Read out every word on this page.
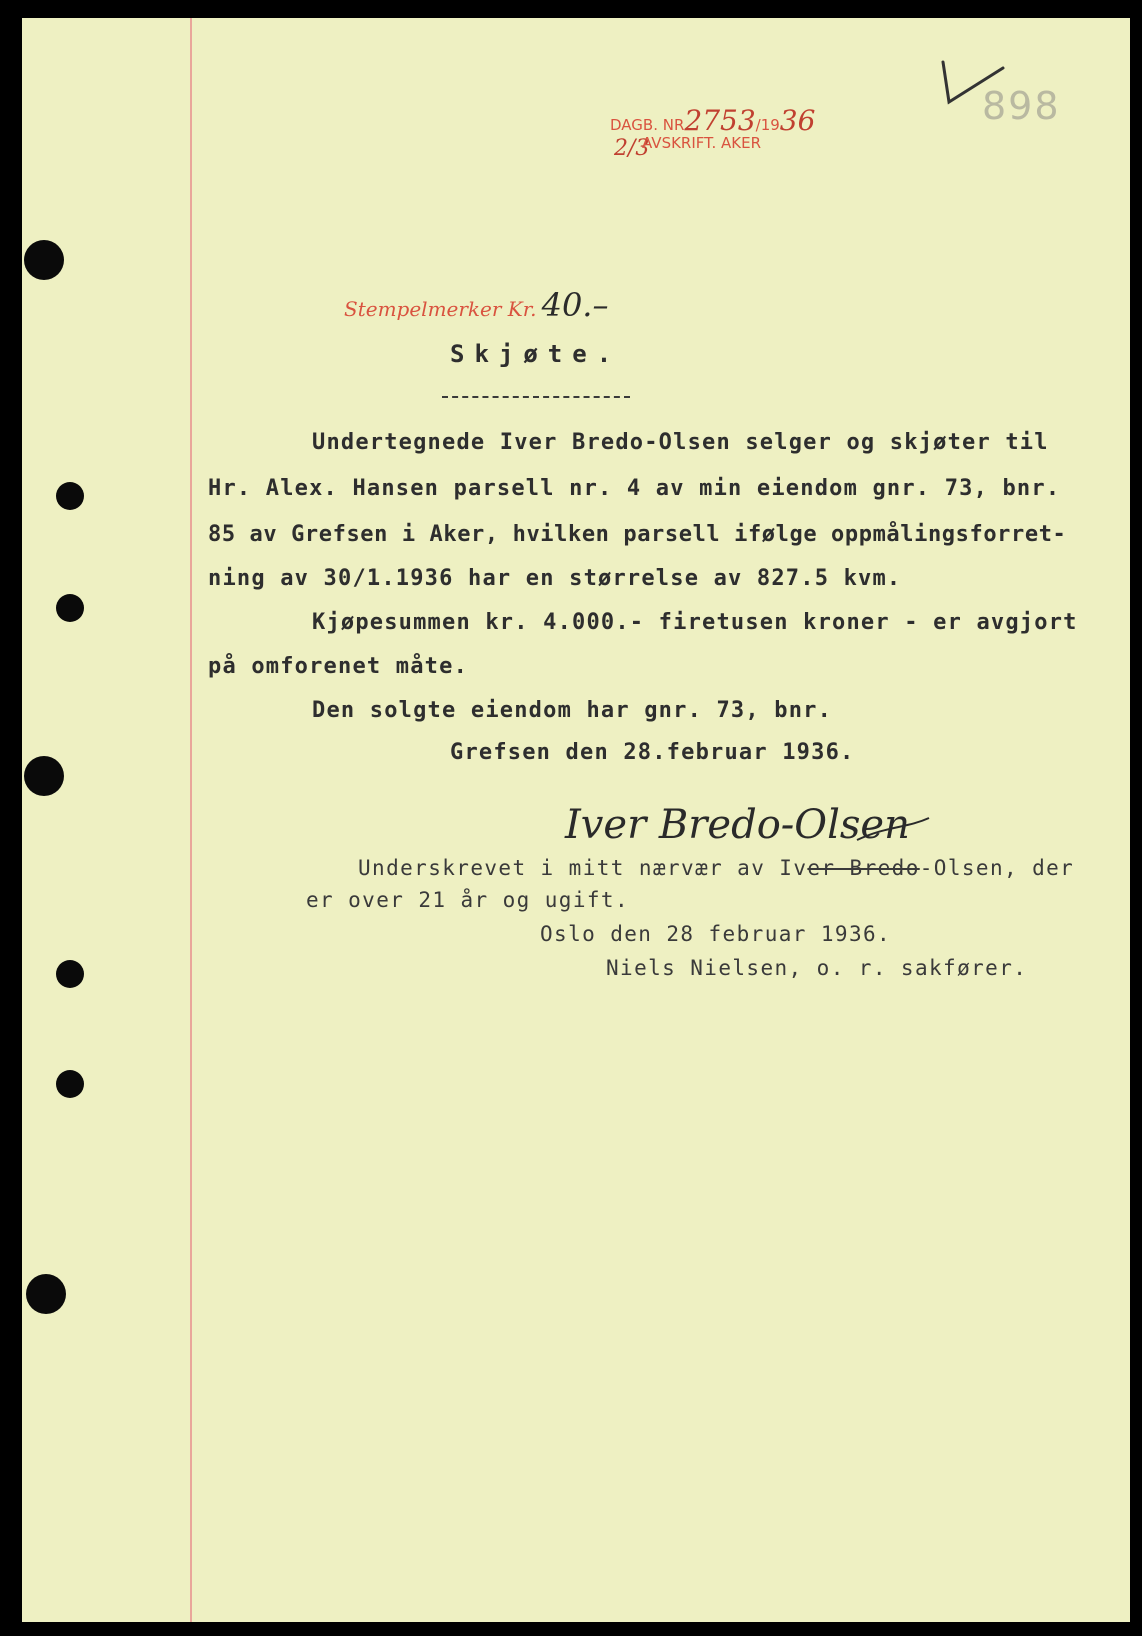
DAGB. NR2753/1936
2/3
AVSKRIFT. AKER
898
Stempelmerker Kr. 40.–
Skjøte.
Undertegnede Iver Bredo-Olsen selger og skjøter til
Hr. Alex. Hansen parsell nr. 4 av min eiendom gnr. 73, bnr.
85 av Grefsen i Aker, hvilken parsell ifølge oppmålingsforret-
ning av 30/1.1936 har en størrelse av 827.5 kvm.
Kjøpesummen kr. 4.000.- firetusen kroner - er avgjort
på omforenet måte.
Den solgte eiendom har gnr. 73, bnr.
Grefsen den 28.februar 1936.
Iver Bredo-Olsen
Underskrevet i mitt nærvær av Iver Bredo-Olsen, der
er over 21 år og ugift.
Oslo den 28 februar 1936.
Niels Nielsen, o. r. sakfører.
